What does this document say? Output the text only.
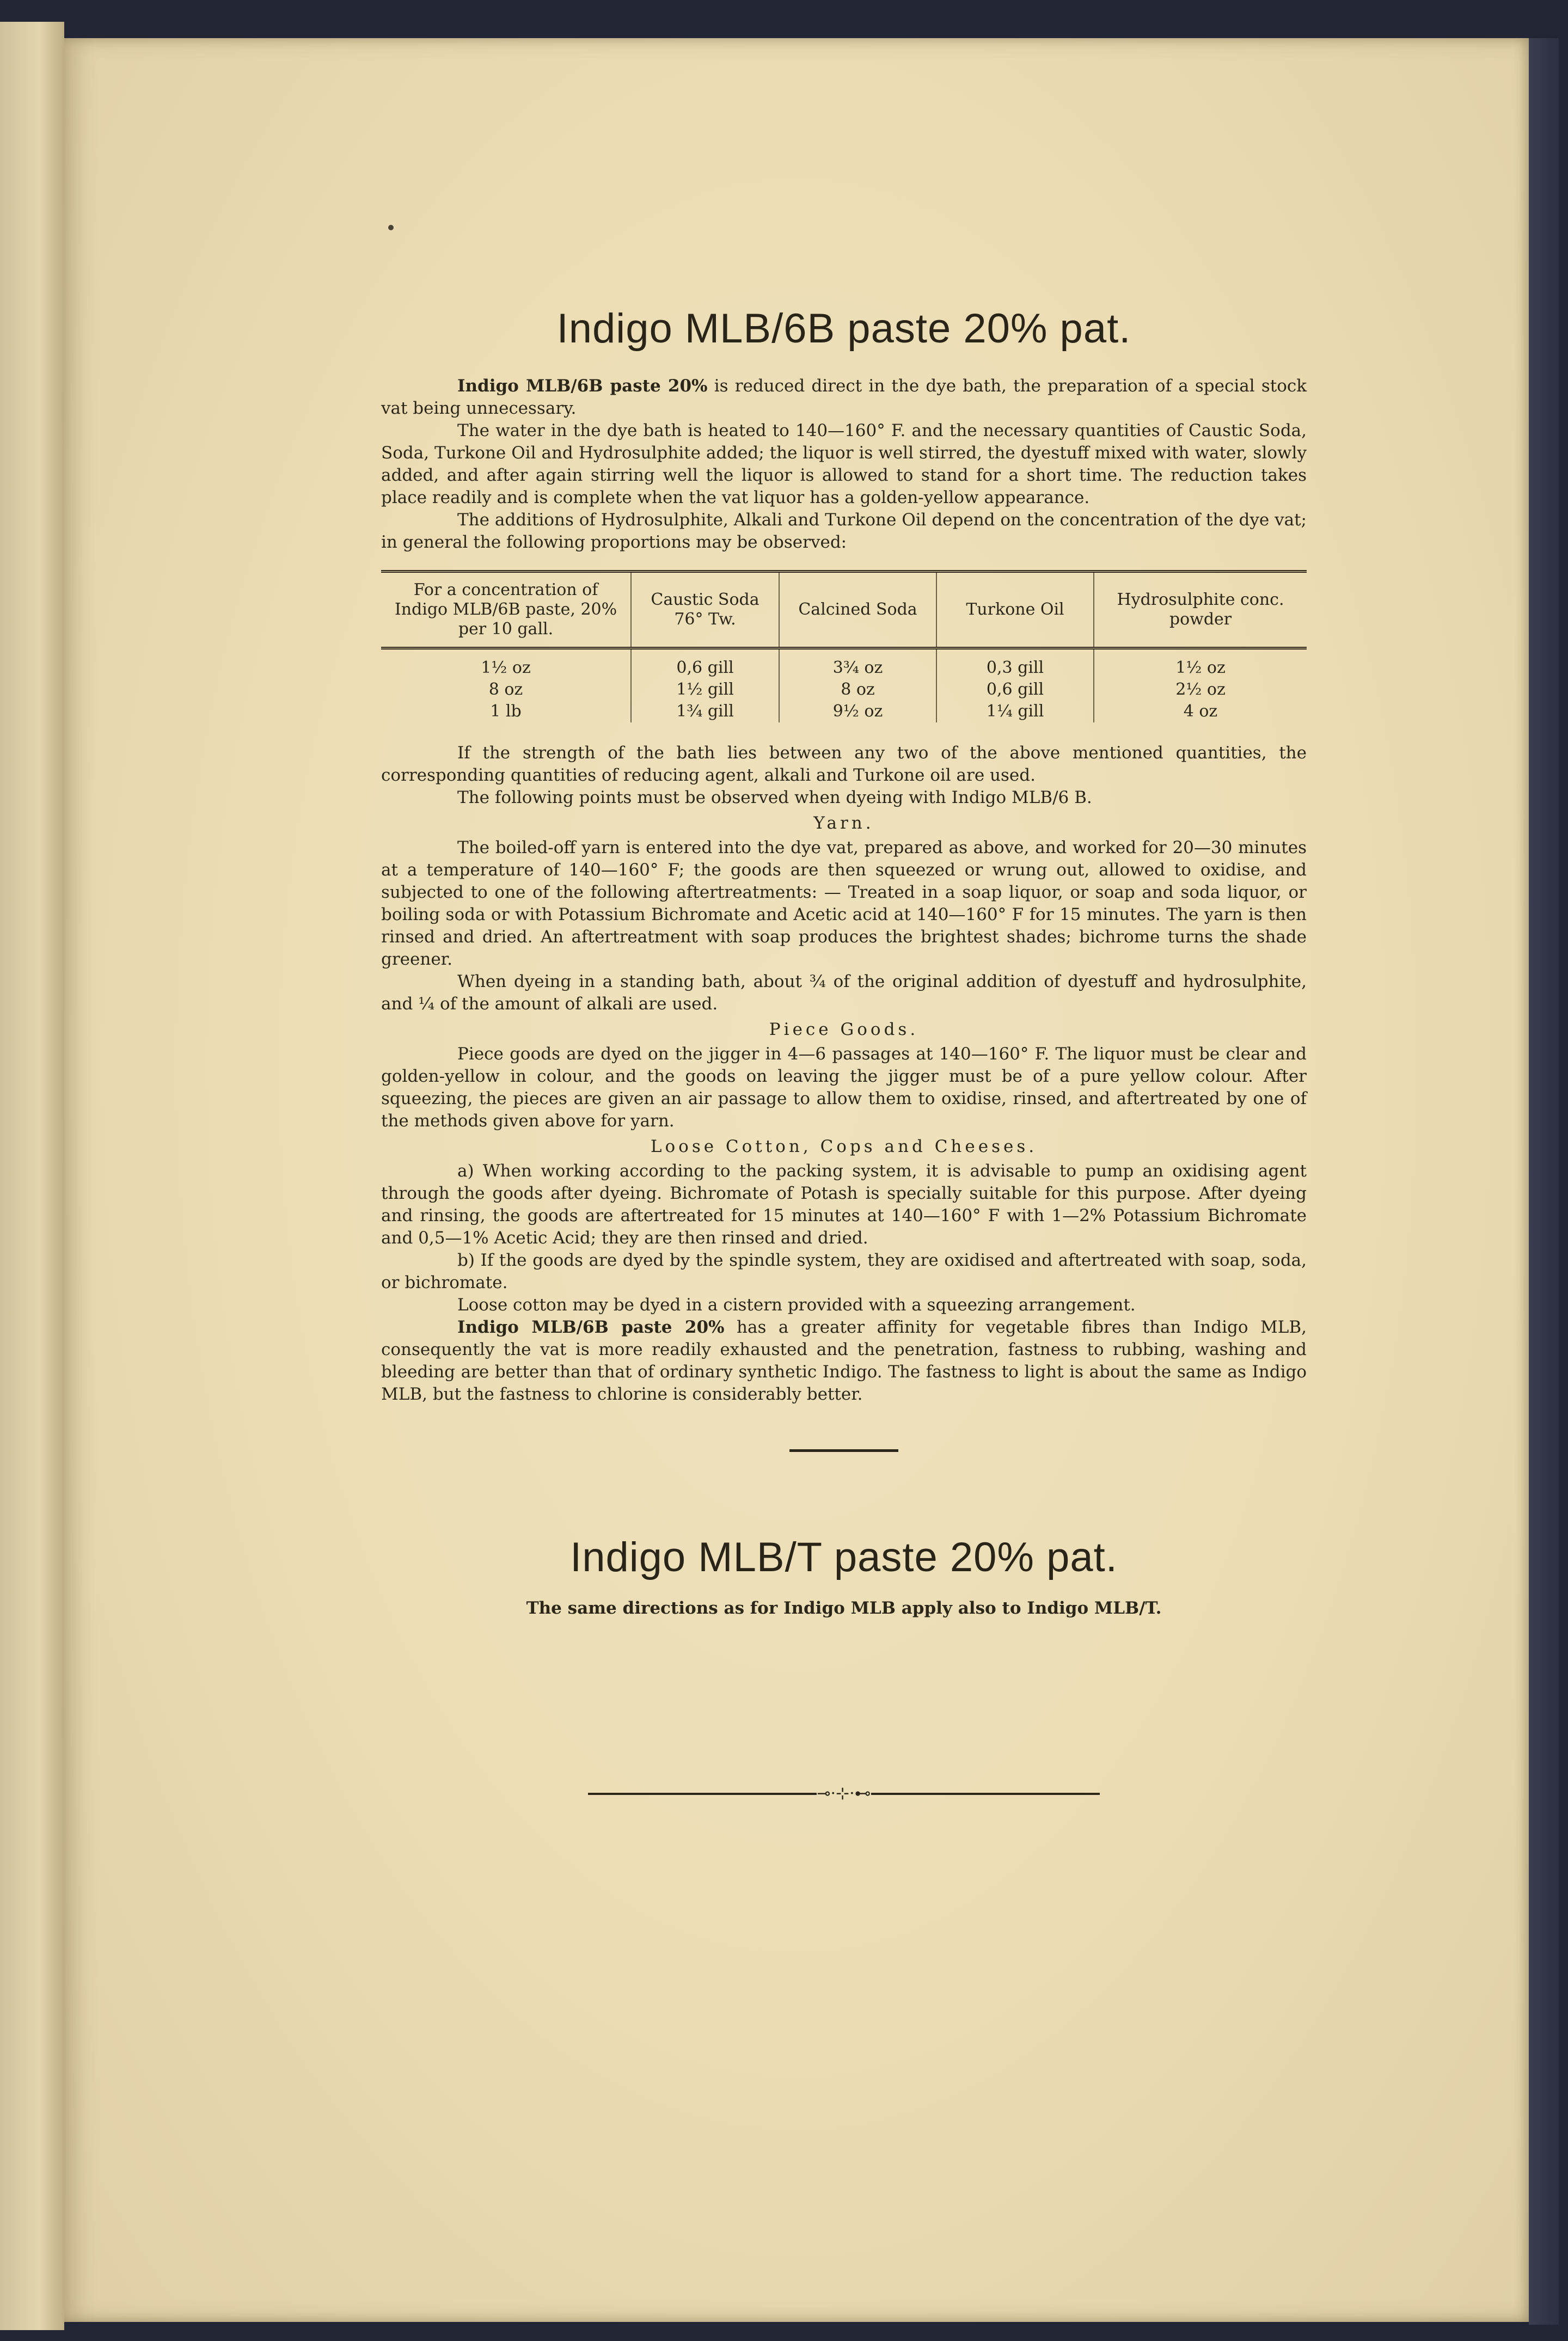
Indigo MLB/6B paste 20% pat.

Indigo MLB/6B paste 20% is reduced direct in the dye bath, the preparation of a special stock vat being unnecessary.

The water in the dye bath is heated to 140—160° F. and the necessary quantities of Caustic Soda, Soda, Turkone Oil and Hydrosulphite added; the liquor is well stirred, the dyestuff mixed with water, slowly added, and after again stirring well the liquor is allowed to stand for a short time. The reduction takes place readily and is complete when the vat liquor has a golden-yellow appearance.

The additions of Hydrosulphite, Alkali and Turkone Oil depend on the concentration of the dye vat; in general the following proportions may be observed:

For a concentration of Indigo MLB/6B paste, 20% per 10 gall.	Caustic Soda 76° Tw.	Calcined Soda	Turkone Oil	Hydrosulphite conc. powder
1½ oz	0,6 gill	3¾ oz	0,3 gill	1½ oz
8 oz	1½ gill	8 oz	0,6 gill	2½ oz
1 lb	1¾ gill	9½ oz	1¼ gill	4 oz

If the strength of the bath lies between any two of the above mentioned quantities, the corresponding quantities of reducing agent, alkali and Turkone oil are used.

The following points must be observed when dyeing with Indigo MLB/6 B.

Yarn.

The boiled-off yarn is entered into the dye vat, prepared as above, and worked for 20—30 minutes at a temperature of 140—160° F; the goods are then squeezed or wrung out, allowed to oxidise, and subjected to one of the following aftertreatments: — Treated in a soap liquor, or soap and soda liquor, or boiling soda or with Potassium Bichromate and Acetic acid at 140—160° F for 15 minutes. The yarn is then rinsed and dried. An aftertreatment with soap produces the brightest shades; bichrome turns the shade greener.

When dyeing in a standing bath, about ¾ of the original addition of dyestuff and hydrosulphite, and ¼ of the amount of alkali are used.

Piece Goods.

Piece goods are dyed on the jigger in 4—6 passages at 140—160° F. The liquor must be clear and golden-yellow in colour, and the goods on leaving the jigger must be of a pure yellow colour. After squeezing, the pieces are given an air passage to allow them to oxidise, rinsed, and aftertreated by one of the methods given above for yarn.

Loose Cotton, Cops and Cheeses.

a) When working according to the packing system, it is advisable to pump an oxidising agent through the goods after dyeing. Bichromate of Potash is specially suitable for this purpose. After dyeing and rinsing, the goods are aftertreated for 15 minutes at 140—160° F with 1—2% Potassium Bichromate and 0,5—1% Acetic Acid; they are then rinsed and dried.

b) If the goods are dyed by the spindle system, they are oxidised and aftertreated with soap, soda, or bichromate.

Loose cotton may be dyed in a cistern provided with a squeezing arrangement.

Indigo MLB/6B paste 20% has a greater affinity for vegetable fibres than Indigo MLB, consequently the vat is more readily exhausted and the penetration, fastness to rubbing, washing and bleeding are better than that of ordinary synthetic Indigo. The fastness to light is about the same as Indigo MLB, but the fastness to chlorine is considerably better.

Indigo MLB/T paste 20% pat.
The same directions as for Indigo MLB apply also to Indigo MLB/T.
⊸·⊹·⊷
